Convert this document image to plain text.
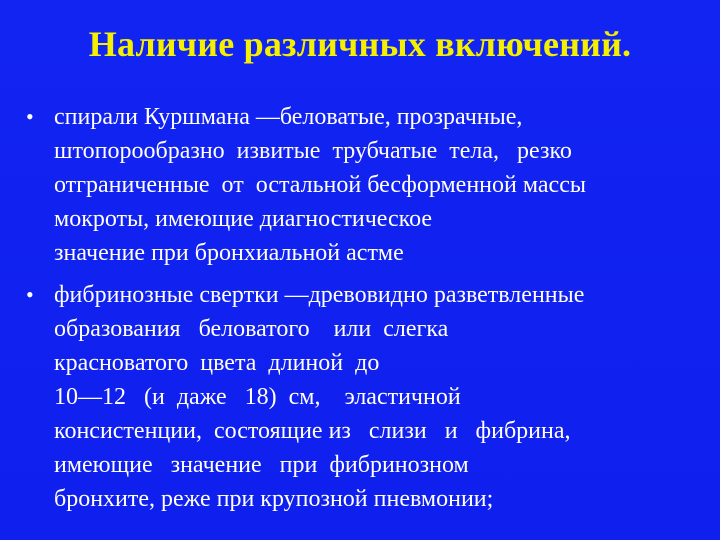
Наличие различных включений.
• спирали Куршмана —беловатые, прозрачные,
штопорообразно  извитые  трубчатые  тела,   резко
отграниченные  от  остальной бесформенной массы
мокроты, имеющие диагностическое
значение при бронхиальной астме
• фибринозные свертки —древовидно разветвленные
образования   беловатого    или  слегка
красноватого  цвета  длиной  до
10—12   (и  даже   18)  см,    эластичной
консистенции,  состоящие из   слизи   и   фибрина,
имеющие   значение   при  фибринозном
бронхите, реже при крупозной пневмонии;
